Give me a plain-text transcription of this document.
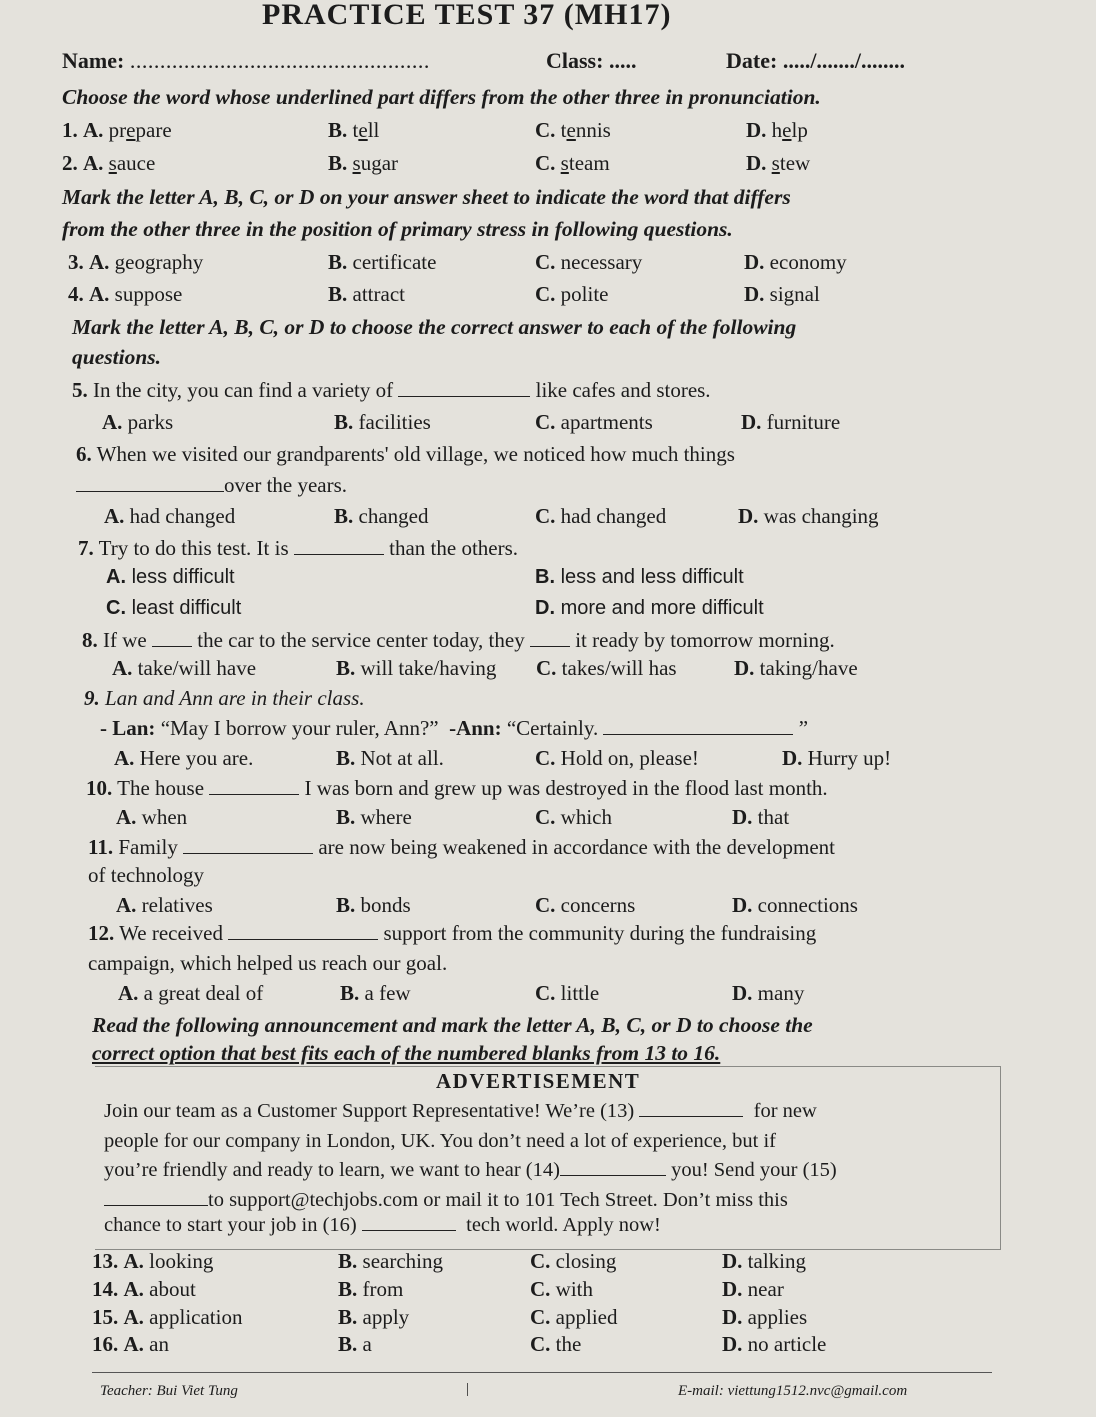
PRACTICE TEST 37 (MH17)
Name: ..................................................	Class: .....	Date: ...../......./........
Choose the word whose underlined part differs from the other three in pronunciation.
1. A. prepare	B. tell	C. tennis	D. help
2. A. sauce	B. sugar	C. steam	D. stew
Mark the letter A, B, C, or D on your answer sheet to indicate the word that differs
from the other three in the position of primary stress in following questions.
3. A. geography	B. certificate	C. necessary	D. economy
4. A. suppose	B. attract	C. polite	D. signal
Mark the letter A, B, C, or D to choose the correct answer to each of the following
questions.
5. In the city, you can find a variety of	like cafes and stores.
A. parks	B. facilities	C. apartments	D. furniture
6. When we visited our grandparents' old village, we noticed how much things
over the years.
A. had changed	B. changed	C. had changed	D. was changing
7. Try to do this test. It is	than the others.
A. less difficult	B. less and less difficult
C. least difficult	D. more and more difficult
8. If we the car to the service center today, they it ready by tomorrow morning.
A. take/will have	B. will take/having C. takes/will has	D. taking/have
9. Lan and Ann are in their class.
- Lan: “May I borrow your ruler, Ann?” -Ann: “Certainly.	”
A. Here you are.	B. Not at all.	C. Hold on, please!	D. Hurry up!
10. The house	I was born and grew up was destroyed in the flood last month.
A. when	B. where	C. which	D. that
11. Family	are now being weakened in accordance with the development
of technology
A. relatives	B. bonds	C. concerns	D. connections
12. We received	support from the community during the fundraising
campaign, which helped us reach our goal.
A. a great deal of	B. a few	C. little	D. many
Read the following announcement and mark the letter A, B, C, or D to choose the
correct option that best fits each of the numbered blanks from 13 to 16.
ADVERTISEMENT
Join our team as a Customer Support Representative! We’re (13)	for new
people for our company in London, UK. You don’t need a lot of experience, but if
you’re friendly and ready to learn, we want to hear (14)	you! Send your (15)
to support@techjobs.com or mail it to 101 Tech Street. Don’t miss this
chance to start your job in (16)	tech world. Apply now!
13. A. looking	B. searching	C. closing	D. talking
14. A. about	B. from	C. with	D. near
15. A. application	B. apply	C. applied	D. applies
16. A. an	B. a	C. the	D. no article
Teacher: Bui Viet Tung	|	E-mail: viettung1512.nvc@gmail.com
